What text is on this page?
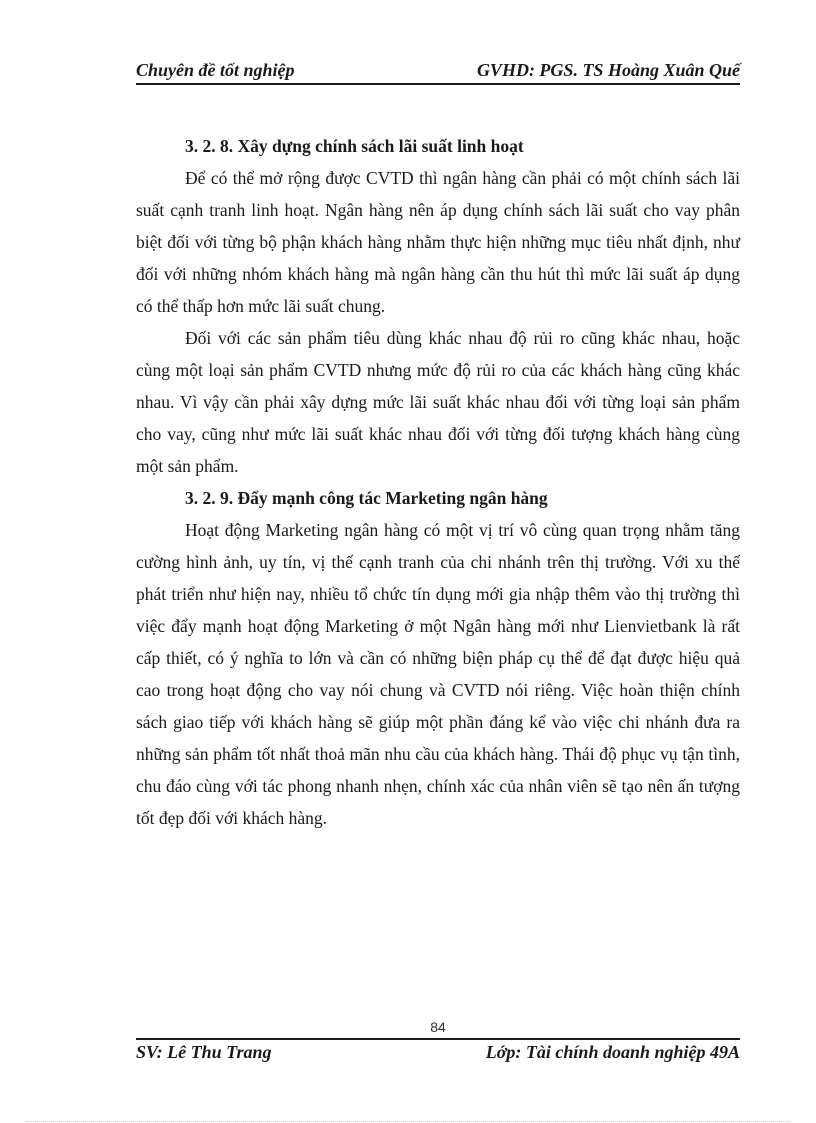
Chuyên đề tốt nghiệp	GVHD: PGS. TS Hoàng Xuân Quế
3. 2. 8. Xây dựng chính sách lãi suất linh hoạt

Để có thể mở rộng được CVTD thì ngân hàng cần phải có một chính sách lãi suất cạnh tranh linh hoạt. Ngân hàng nên áp dụng chính sách lãi suất cho vay phân biệt đối với từng bộ phận khách hàng nhằm thực hiện những mục tiêu nhất định, như đối với những nhóm khách hàng mà ngân hàng cần thu hút thì mức lãi suất áp dụng có thể thấp hơn mức lãi suất chung.

Đối với các sản phẩm tiêu dùng khác nhau độ rủi ro cũng khác nhau, hoặc cùng một loại sản phẩm CVTD nhưng mức độ rủi ro của các khách hàng cũng khác nhau. Vì vậy cần phải xây dựng mức lãi suất khác nhau đối với từng loại sản phẩm cho vay, cũng như mức lãi suất khác nhau đối với từng đối tượng khách hàng cùng một sản phẩm.

3. 2. 9. Đẩy mạnh công tác Marketing ngân hàng

Hoạt động Marketing ngân hàng có một vị trí vô cùng quan trọng nhằm tăng cường hình ảnh, uy tín, vị thế cạnh tranh của chi nhánh trên thị trường. Với xu thế phát triển như hiện nay, nhiều tổ chức tín dụng mới gia nhập thêm vào thị trường thì việc đẩy mạnh hoạt động Marketing ở một Ngân hàng mới như Lienvietbank là rất cấp thiết, có ý nghĩa to lớn và cần có những biện pháp cụ thể để đạt được hiệu quả cao trong hoạt động cho vay nói chung và CVTD nói riêng. Việc hoàn thiện chính sách giao tiếp với khách hàng sẽ giúp một phần đáng kể vào việc chi nhánh đưa ra những sản phẩm tốt nhất thoả mãn nhu cầu của khách hàng. Thái độ phục vụ tận tình, chu đáo cùng với tác phong nhanh nhẹn, chính xác của nhân viên sẽ tạo nên ấn tượng tốt đẹp đối với khách hàng.

84
SV: Lê Thu Trang	Lớp: Tài chính doanh nghiệp 49A
